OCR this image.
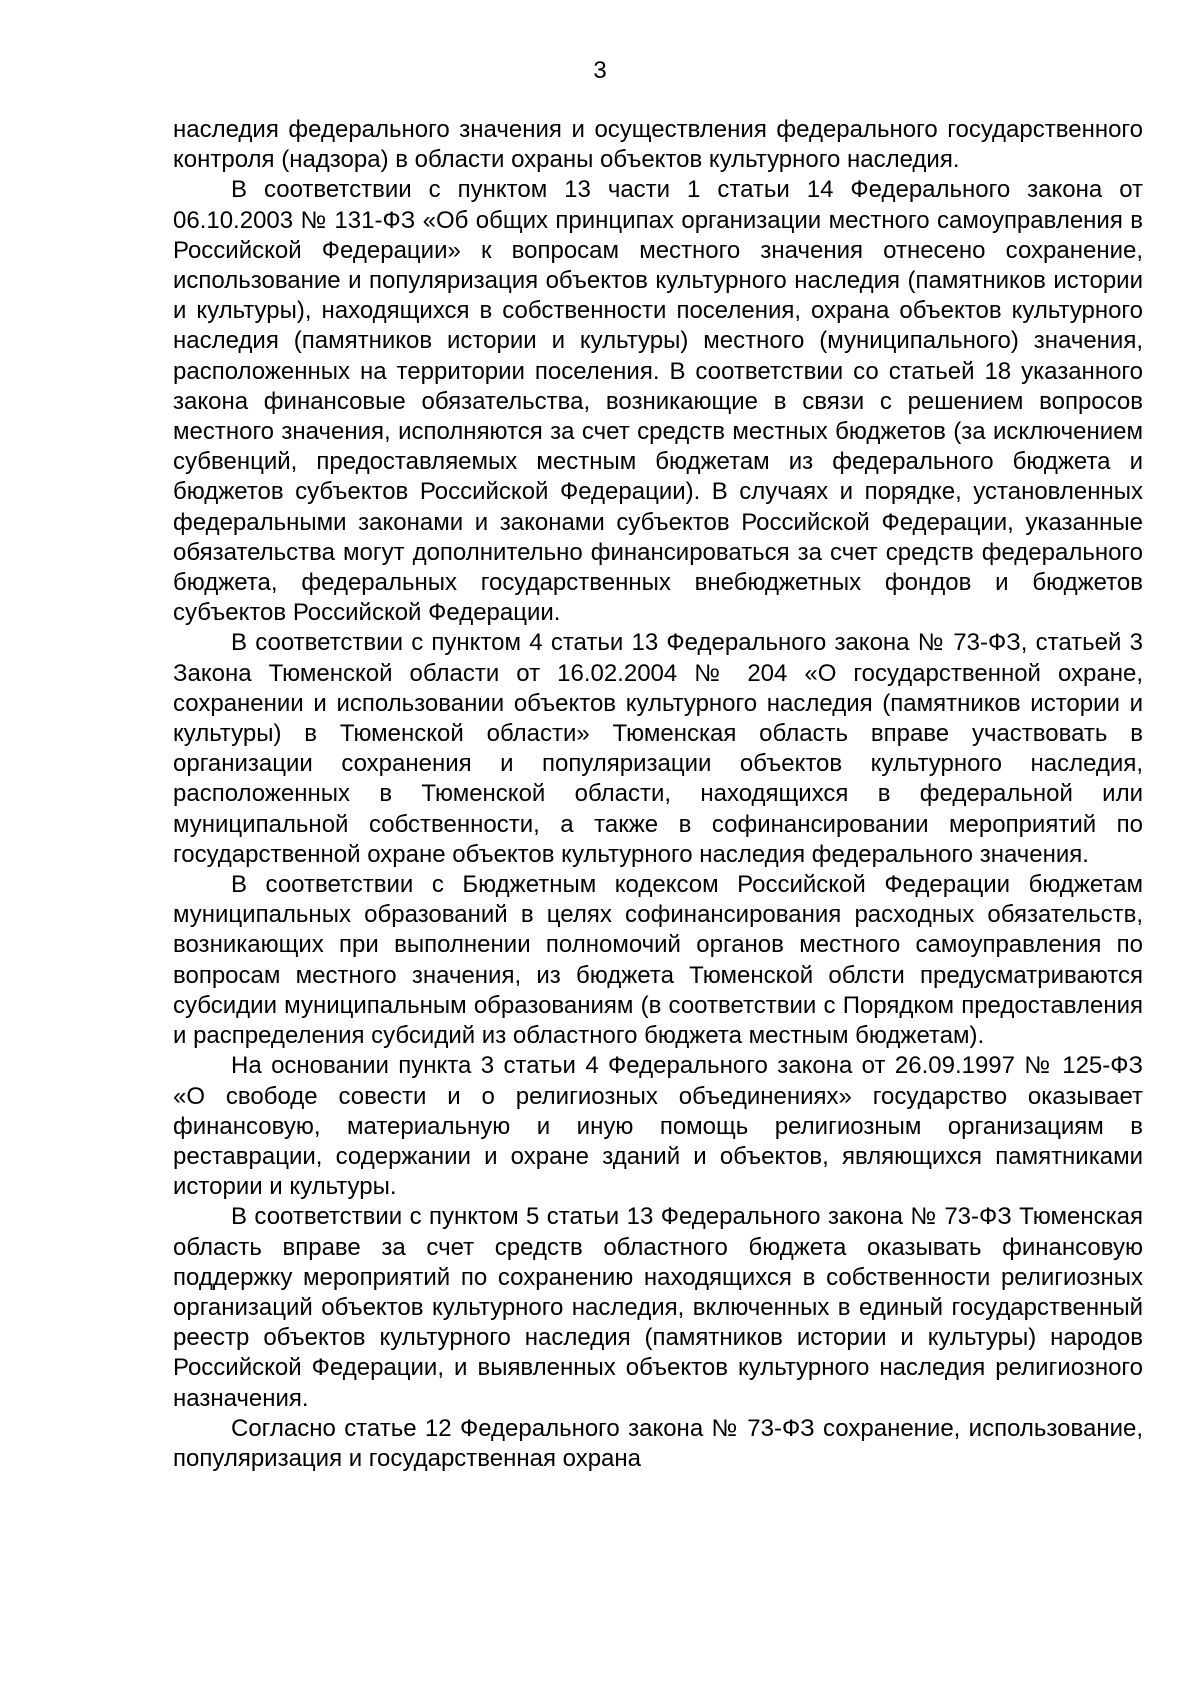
3

наследия федерального значения и осуществления федерального государственного контроля (надзора) в области охраны объектов культурного наследия.

В соответствии с пунктом 13 части 1 статьи 14 Федерального закона от 06.10.2003 № 131-ФЗ «Об общих принципах организации местного самоуправления в Российской Федерации» к вопросам местного значения отнесено сохранение, использование и популяризация объектов культурного наследия (памятников истории и культуры), находящихся в собственности поселения, охрана объектов культурного наследия (памятников истории и культуры) местного (муниципального) значения, расположенных на территории поселения. В соответствии со статьей 18 указанного закона финансовые обязательства, возникающие в связи с решением вопросов местного значения, исполняются за счет средств местных бюджетов (за исключением субвенций, предоставляемых местным бюджетам из федерального бюджета и бюджетов субъектов Российской Федерации). В случаях и порядке, установленных федеральными законами и законами субъектов Российской Федерации, указанные обязательства могут дополнительно финансироваться за счет средств федерального бюджета, федеральных государственных внебюджетных фондов и бюджетов субъектов Российской Федерации.

В соответствии с пунктом 4 статьи 13 Федерального закона № 73-ФЗ, статьей 3 Закона Тюменской области от 16.02.2004 № 204 «О государственной охране, сохранении и использовании объектов культурного наследия (памятников истории и культуры) в Тюменской области» Тюменская область вправе участвовать в организации сохранения и популяризации объектов культурного наследия, расположенных в Тюменской области, находящихся в федеральной или муниципальной собственности, а также в софинансировании мероприятий по государственной охране объектов культурного наследия федерального значения.

В соответствии с Бюджетным кодексом Российской Федерации бюджетам муниципальных образований в целях софинансирования расходных обязательств, возникающих при выполнении полномочий органов местного самоуправления по вопросам местного значения, из бюджета Тюменской облсти предусматриваются субсидии муниципальным образованиям (в соответствии с Порядком предоставления и распределения субсидий из областного бюджета местным бюджетам).

На основании пункта 3 статьи 4 Федерального закона от 26.09.1997 № 125-ФЗ «О свободе совести и о религиозных объединениях» государство оказывает финансовую, материальную и иную помощь религиозным организациям в реставрации, содержании и охране зданий и объектов, являющихся памятниками истории и культуры.

В соответствии с пунктом 5 статьи 13 Федерального закона № 73-ФЗ Тюменская область вправе за счет средств областного бюджета оказывать финансовую поддержку мероприятий по сохранению находящихся в собственности религиозных организаций объектов культурного наследия, включенных в единый государственный реестр объектов культурного наследия (памятников истории и культуры) народов Российской Федерации, и выявленных объектов культурного наследия религиозного назначения.

Согласно статье 12 Федерального закона № 73-ФЗ сохранение, использование, популяризация и государственная охрана
